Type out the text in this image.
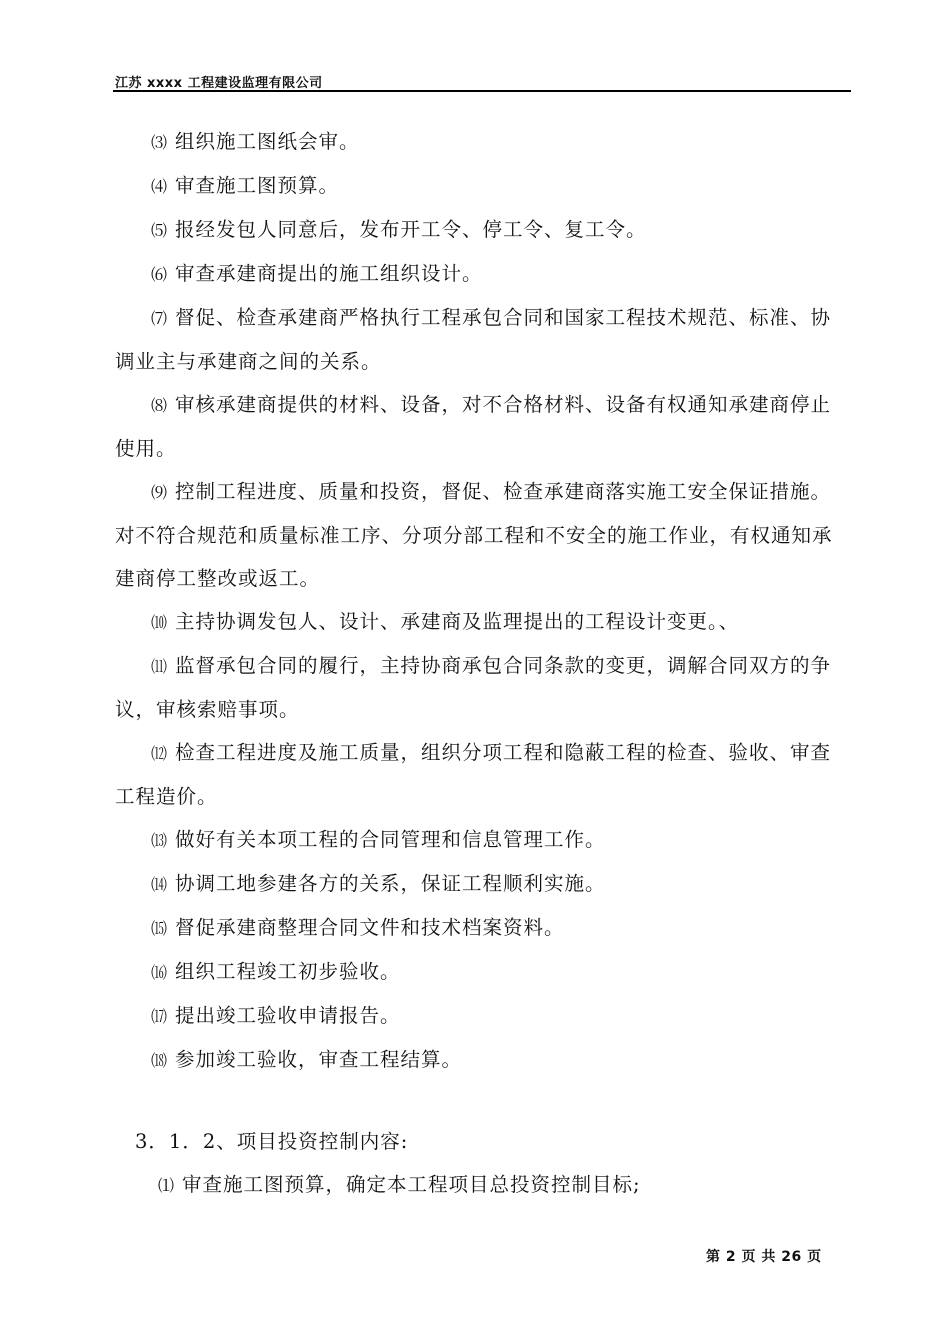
江苏 xxxx 工程建设监理有限公司

⑶ 组织施工图纸会审。

⑷ 审查施工图预算。

⑸ 报经发包人同意后，发布开工令、停工令、复工令。

⑹ 审查承建商提出的施工组织设计。

⑺ 督促、检查承建商严格执行工程承包合同和国家工程技术规范、标准、协调业主与承建商之间的关系。

⑻ 审核承建商提供的材料、设备，对不合格材料、设备有权通知承建商停止使用。

⑼ 控制工程进度、质量和投资，督促、检查承建商落实施工安全保证措施。对不符合规范和质量标准工序、分项分部工程和不安全的施工作业，有权通知承建商停工整改或返工。

⑽ 主持协调发包人、设计、承建商及监理提出的工程设计变更。、

⑾ 监督承包合同的履行，主持协商承包合同条款的变更，调解合同双方的争议，审核索赔事项。

⑿ 检查工程进度及施工质量，组织分项工程和隐蔽工程的检查、验收、审查工程造价。

⒀ 做好有关本项工程的合同管理和信息管理工作。

⒁ 协调工地参建各方的关系，保证工程顺利实施。

⒂ 督促承建商整理合同文件和技术档案资料。

⒃ 组织工程竣工初步验收。

⒄ 提出竣工验收申请报告。

⒅ 参加竣工验收，审查工程结算。

3．1．2、项目投资控制内容:

⑴ 审查施工图预算，确定本工程项目总投资控制目标;

第 2 页 共 26 页
